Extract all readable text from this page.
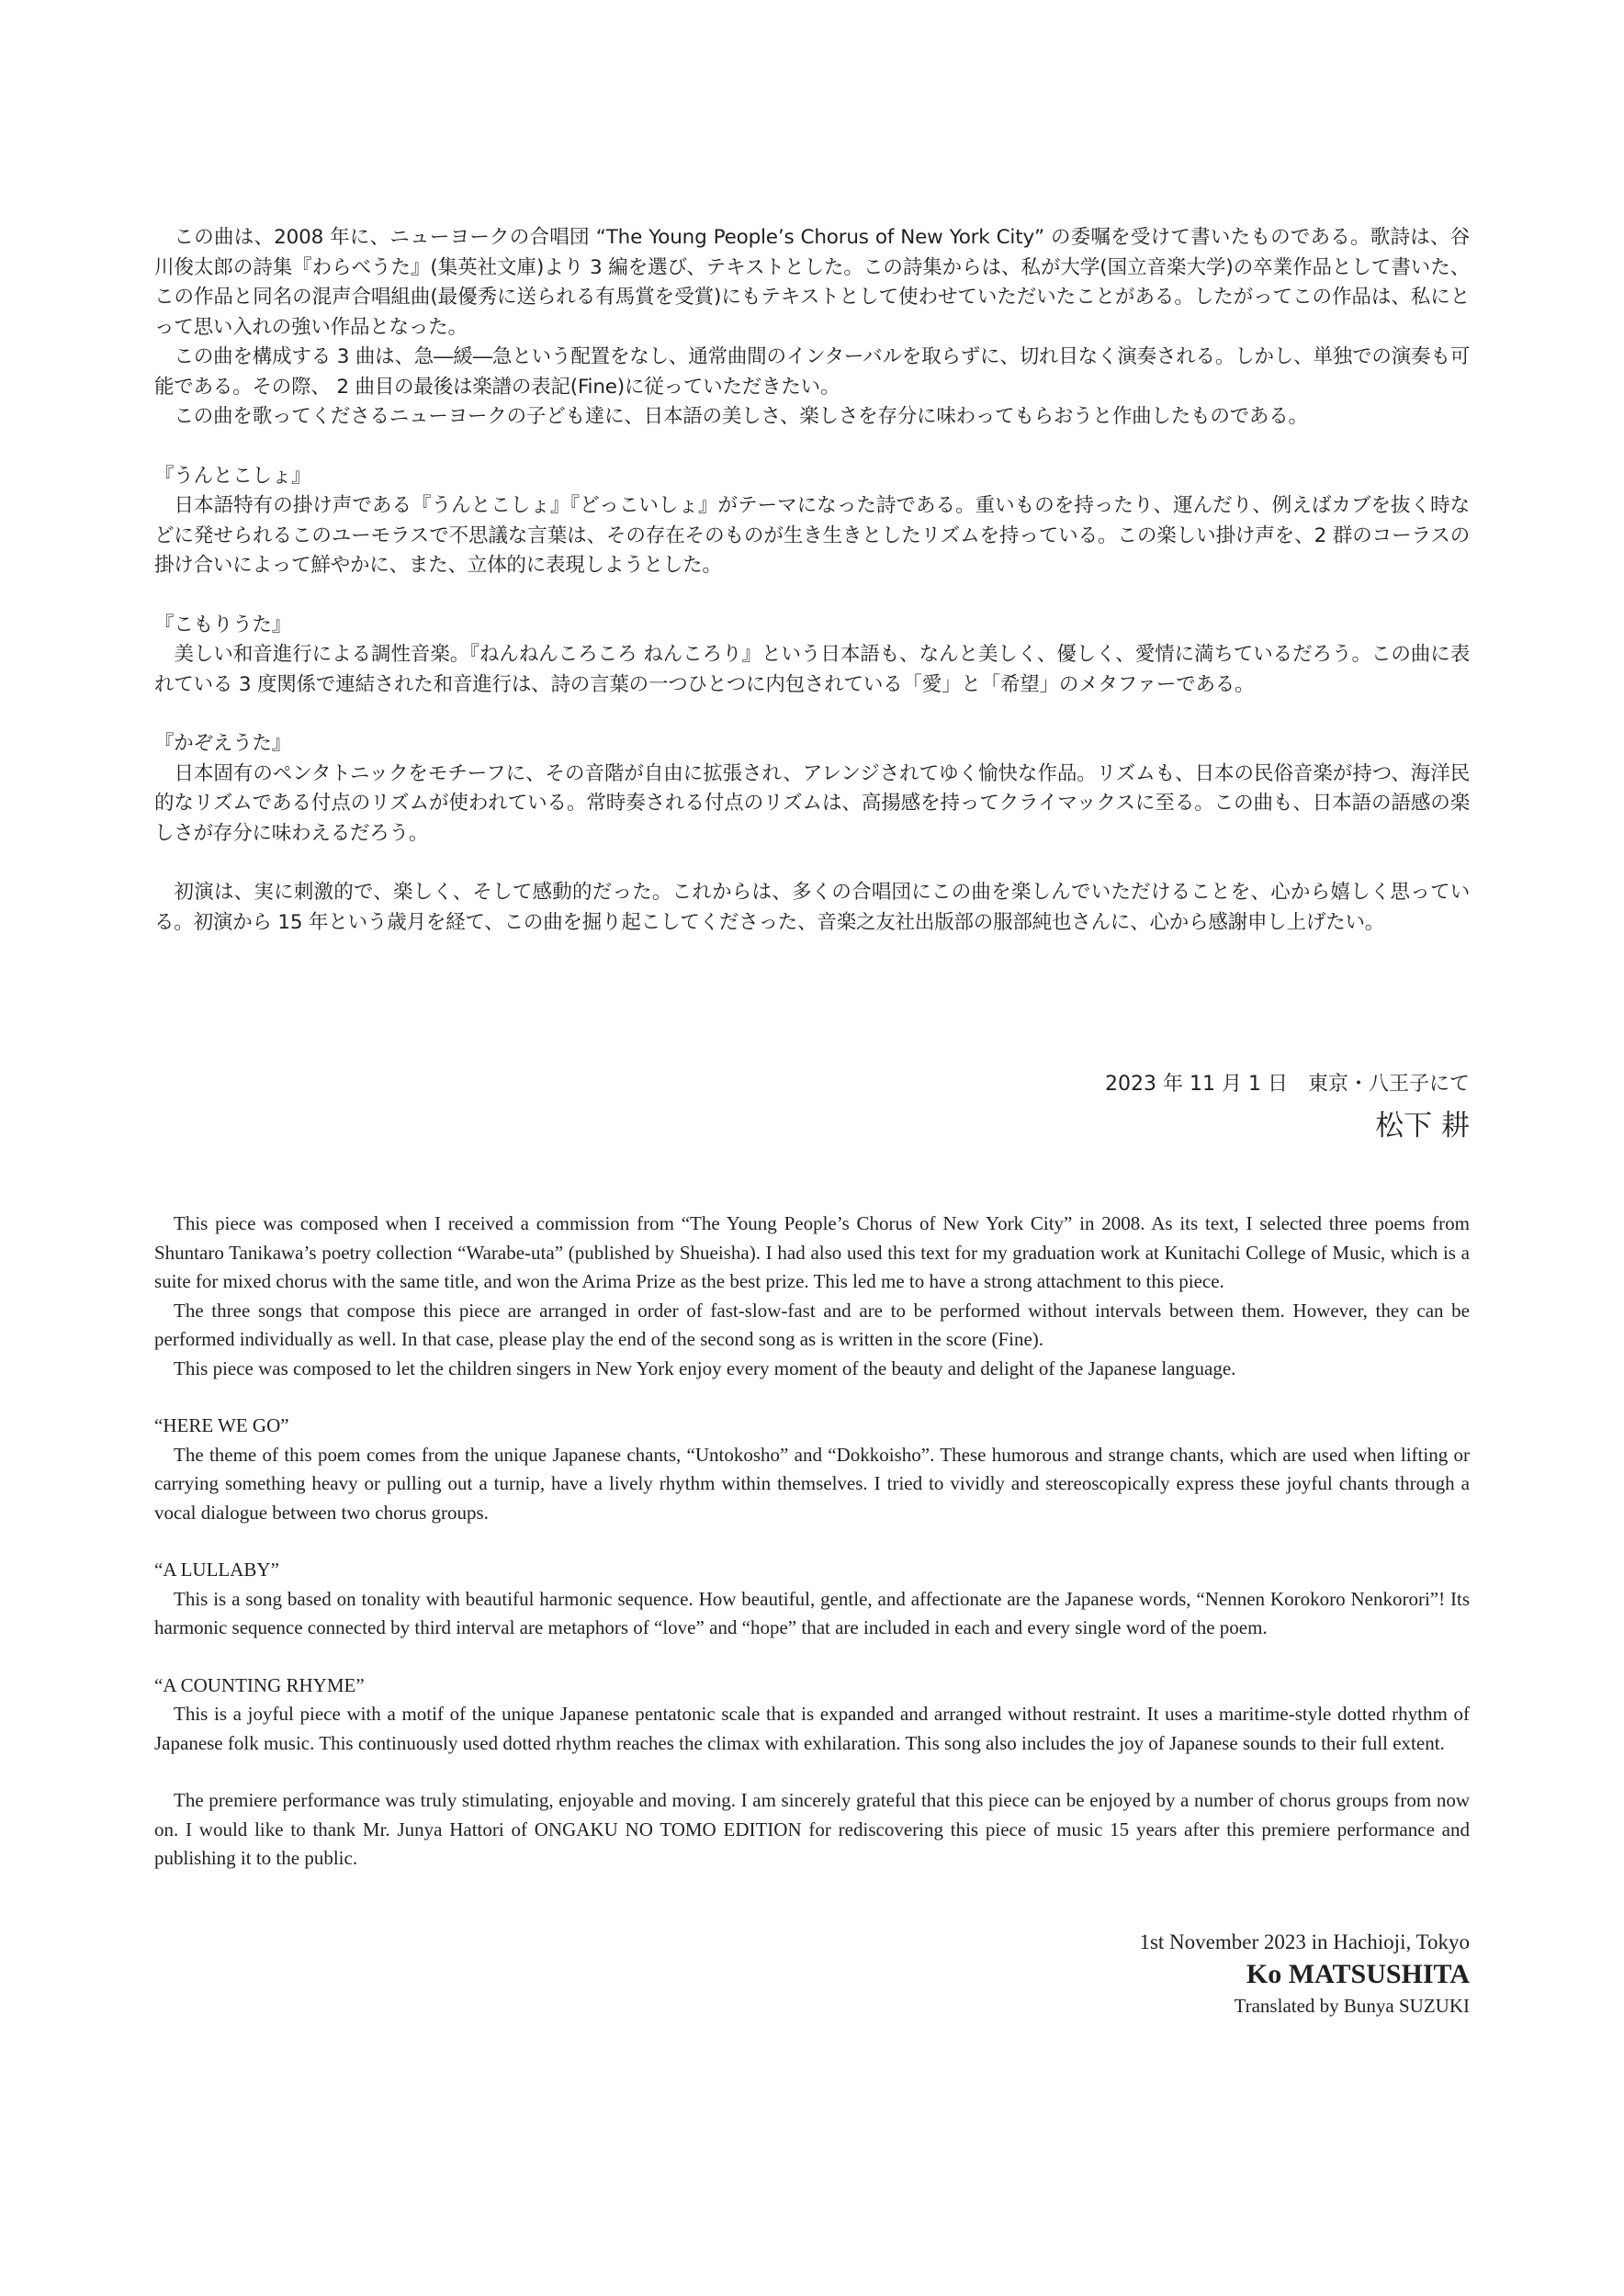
この曲は、2008 年に、ニューヨークの合唱団 “The Young People’s Chorus of New York City” の委嘱を受けて書いたものである。歌詩は、谷川俊太郎の詩集『わらべうた』(集英社文庫)より 3 編を選び、テキストとした。この詩集からは、私が大学(国立音楽大学)の卒業作品として書いた、この作品と同名の混声合唱組曲(最優秀に送られる有馬賞を受賞)にもテキストとして使わせていただいたことがある。したがってこの作品は、私にとって思い入れの強い作品となった。

この曲を構成する 3 曲は、急―緩―急という配置をなし、通常曲間のインターバルを取らずに、切れ目なく演奏される。しかし、単独での演奏も可能である。その際、 2 曲目の最後は楽譜の表記(Fine)に従っていただきたい。

この曲を歌ってくださるニューヨークの子ども達に、日本語の美しさ、楽しさを存分に味わってもらおうと作曲したものである。

『うんとこしょ』

日本語特有の掛け声である『うんとこしょ』『どっこいしょ』がテーマになった詩である。重いものを持ったり、運んだり、例えばカブを抜く時などに発せられるこのユーモラスで不思議な言葉は、その存在そのものが生き生きとしたリズムを持っている。この楽しい掛け声を、2 群のコーラスの掛け合いによって鮮やかに、また、立体的に表現しようとした。

『こもりうた』

美しい和音進行による調性音楽。『ねんねんころころ ねんころり』という日本語も、なんと美しく、優しく、愛情に満ちているだろう。この曲に表れている 3 度関係で連結された和音進行は、詩の言葉の一つひとつに内包されている「愛」と「希望」のメタファーである。

『かぞえうた』

日本固有のペンタトニックをモチーフに、その音階が自由に拡張され、アレンジされてゆく愉快な作品。リズムも、日本の民俗音楽が持つ、海洋民的なリズムである付点のリズムが使われている。常時奏される付点のリズムは、高揚感を持ってクライマックスに至る。この曲も、日本語の語感の楽しさが存分に味わえるだろう。

初演は、実に刺激的で、楽しく、そして感動的だった。これからは、多くの合唱団にこの曲を楽しんでいただけることを、心から嬉しく思っている。初演から 15 年という歳月を経て、この曲を掘り起こしてくださった、音楽之友社出版部の服部純也さんに、心から感謝申し上げたい。

2023 年 11 月 1 日　東京・八王子にて
松下 耕

This piece was composed when I received a commission from “The Young People’s Chorus of New York City” in 2008. As its text, I selected three poems from Shuntaro Tanikawa’s poetry collection “Warabe-uta” (published by Shueisha). I had also used this text for my graduation work at Kunitachi College of Music, which is a suite for mixed chorus with the same title, and won the Arima Prize as the best prize. This led me to have a strong attachment to this piece.

The three songs that compose this piece are arranged in order of fast-slow-fast and are to be performed without intervals between them. However, they can be performed individually as well. In that case, please play the end of the second song as is written in the score (Fine).

This piece was composed to let the children singers in New York enjoy every moment of the beauty and delight of the Japanese language.

“HERE WE GO”

The theme of this poem comes from the unique Japanese chants, “Untokosho” and “Dokkoisho”. These humorous and strange chants, which are used when lifting or carrying something heavy or pulling out a turnip, have a lively rhythm within themselves. I tried to vividly and stereoscopically express these joyful chants through a vocal dialogue between two chorus groups.

“A LULLABY”

This is a song based on tonality with beautiful harmonic sequence. How beautiful, gentle, and affectionate are the Japanese words, “Nennen Korokoro Nenkorori”! Its harmonic sequence connected by third interval are metaphors of “love” and “hope” that are included in each and every single word of the poem.

“A COUNTING RHYME”

This is a joyful piece with a motif of the unique Japanese pentatonic scale that is expanded and arranged without restraint. It uses a maritime-style dotted rhythm of Japanese folk music. This continuously used dotted rhythm reaches the climax with exhilaration. This song also includes the joy of Japanese sounds to their full extent.

The premiere performance was truly stimulating, enjoyable and moving. I am sincerely grateful that this piece can be enjoyed by a number of chorus groups from now on. I would like to thank Mr. Junya Hattori of ONGAKU NO TOMO EDITION for rediscovering this piece of music 15 years after this premiere performance and publishing it to the public.

1st November 2023 in Hachioji, Tokyo
Ko MATSUSHITA
Translated by Bunya SUZUKI
